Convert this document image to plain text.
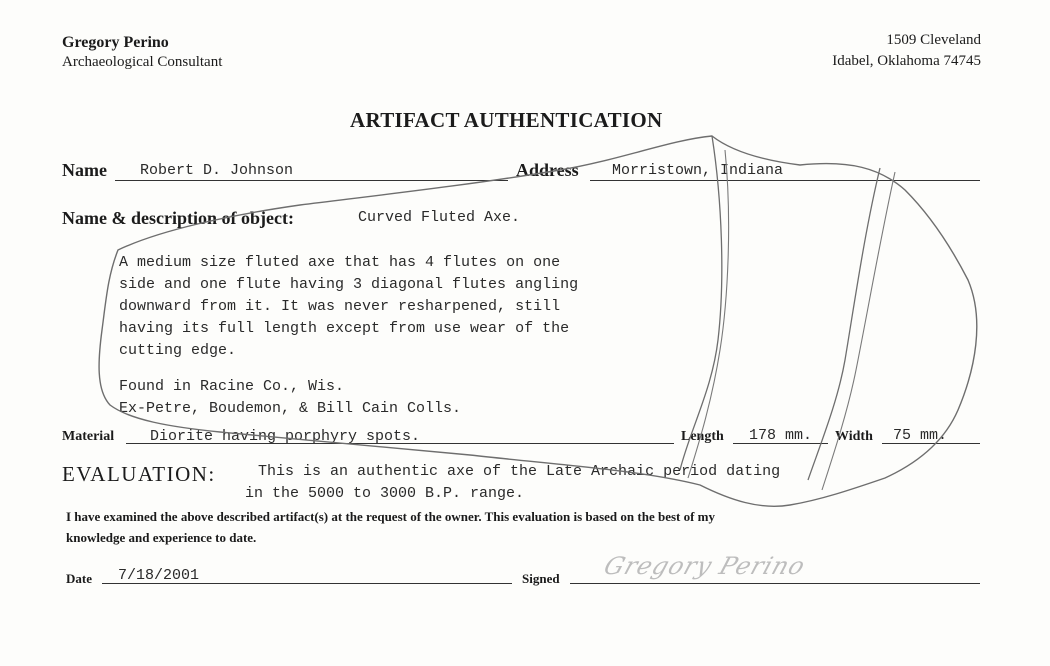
Gregory Perino
Archaeological Consultant
1509 Cleveland
Idabel, Oklahoma 74745
ARTIFACT AUTHENTICATION
Name Robert D. Johnson	Address Morristown, Indiana
Name & description of object:	Curved Fluted Axe.
A medium size fluted axe that has 4 flutes on one
side and one flute having 3 diagonal flutes angling
downward from it. It was never resharpened, still
having its full length except from use wear of the
cutting edge.
Found in Racine Co., Wis.
Ex-Petre, Boudemon, & Bill Cain Colls.
Material Diorite having porphyry spots.	Length 178 mm. Width 75 mm.
EVALUATION:	This is an authentic axe of the Late Archaic period dating
in the 5000 to 3000 B.P. range.
I have examined the above described artifact(s) at the request of the owner. This evaluation is based on the best of my
knowledge and experience to date.
Date 7/18/2001	Signed Gregory Perino
